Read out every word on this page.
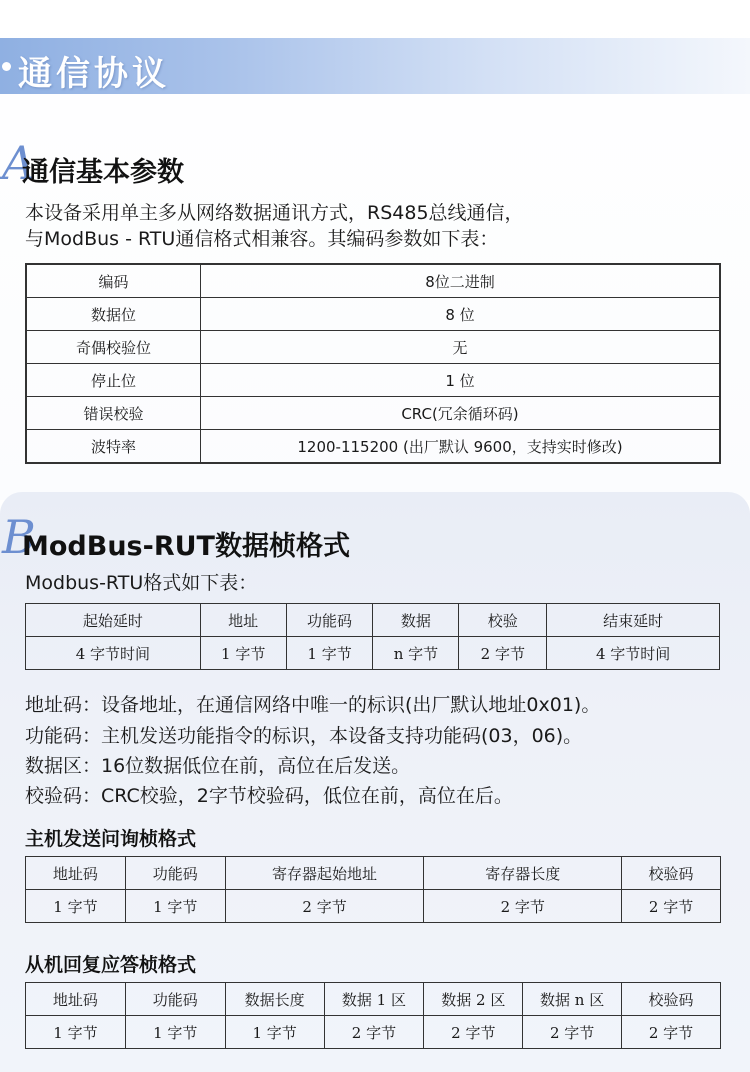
通信协议
A
通信基本参数
本设备采用单主多从网络数据通讯方式，RS485总线通信，
与ModBus - RTU通信格式相兼容。其编码参数如下表：
编码	8位二进制
数据位	8 位
奇偶校验位	无
停止位	1 位
错误校验	CRC(冗余循环码)
波特率	1200-115200 (出厂默认 9600，支持实时修改)
B
ModBus-RUT数据桢格式
Modbus-RTU格式如下表：
起始延时	地址	功能码	数据	校验	结束延时
4 字节时间	1 字节	1 字节	n 字节	2 字节	4 字节时间
地址码：设备地址，在通信网络中唯一的标识(出厂默认地址0x01)。
功能码：主机发送功能指令的标识，本设备支持功能码(03，06)。
数据区：16位数据低位在前，高位在后发送。
校验码：CRC校验，2字节校验码，低位在前，高位在后。
主机发送问询桢格式
地址码	功能码	寄存器起始地址	寄存器长度	校验码
1 字节	1 字节	2 字节	2 字节	2 字节
从机回复应答桢格式
地址码	功能码	数据长度	数据 1 区	数据 2 区	数据 n 区	校验码
1 字节	1 字节	1 字节	2 字节	2 字节	2 字节	2 字节
